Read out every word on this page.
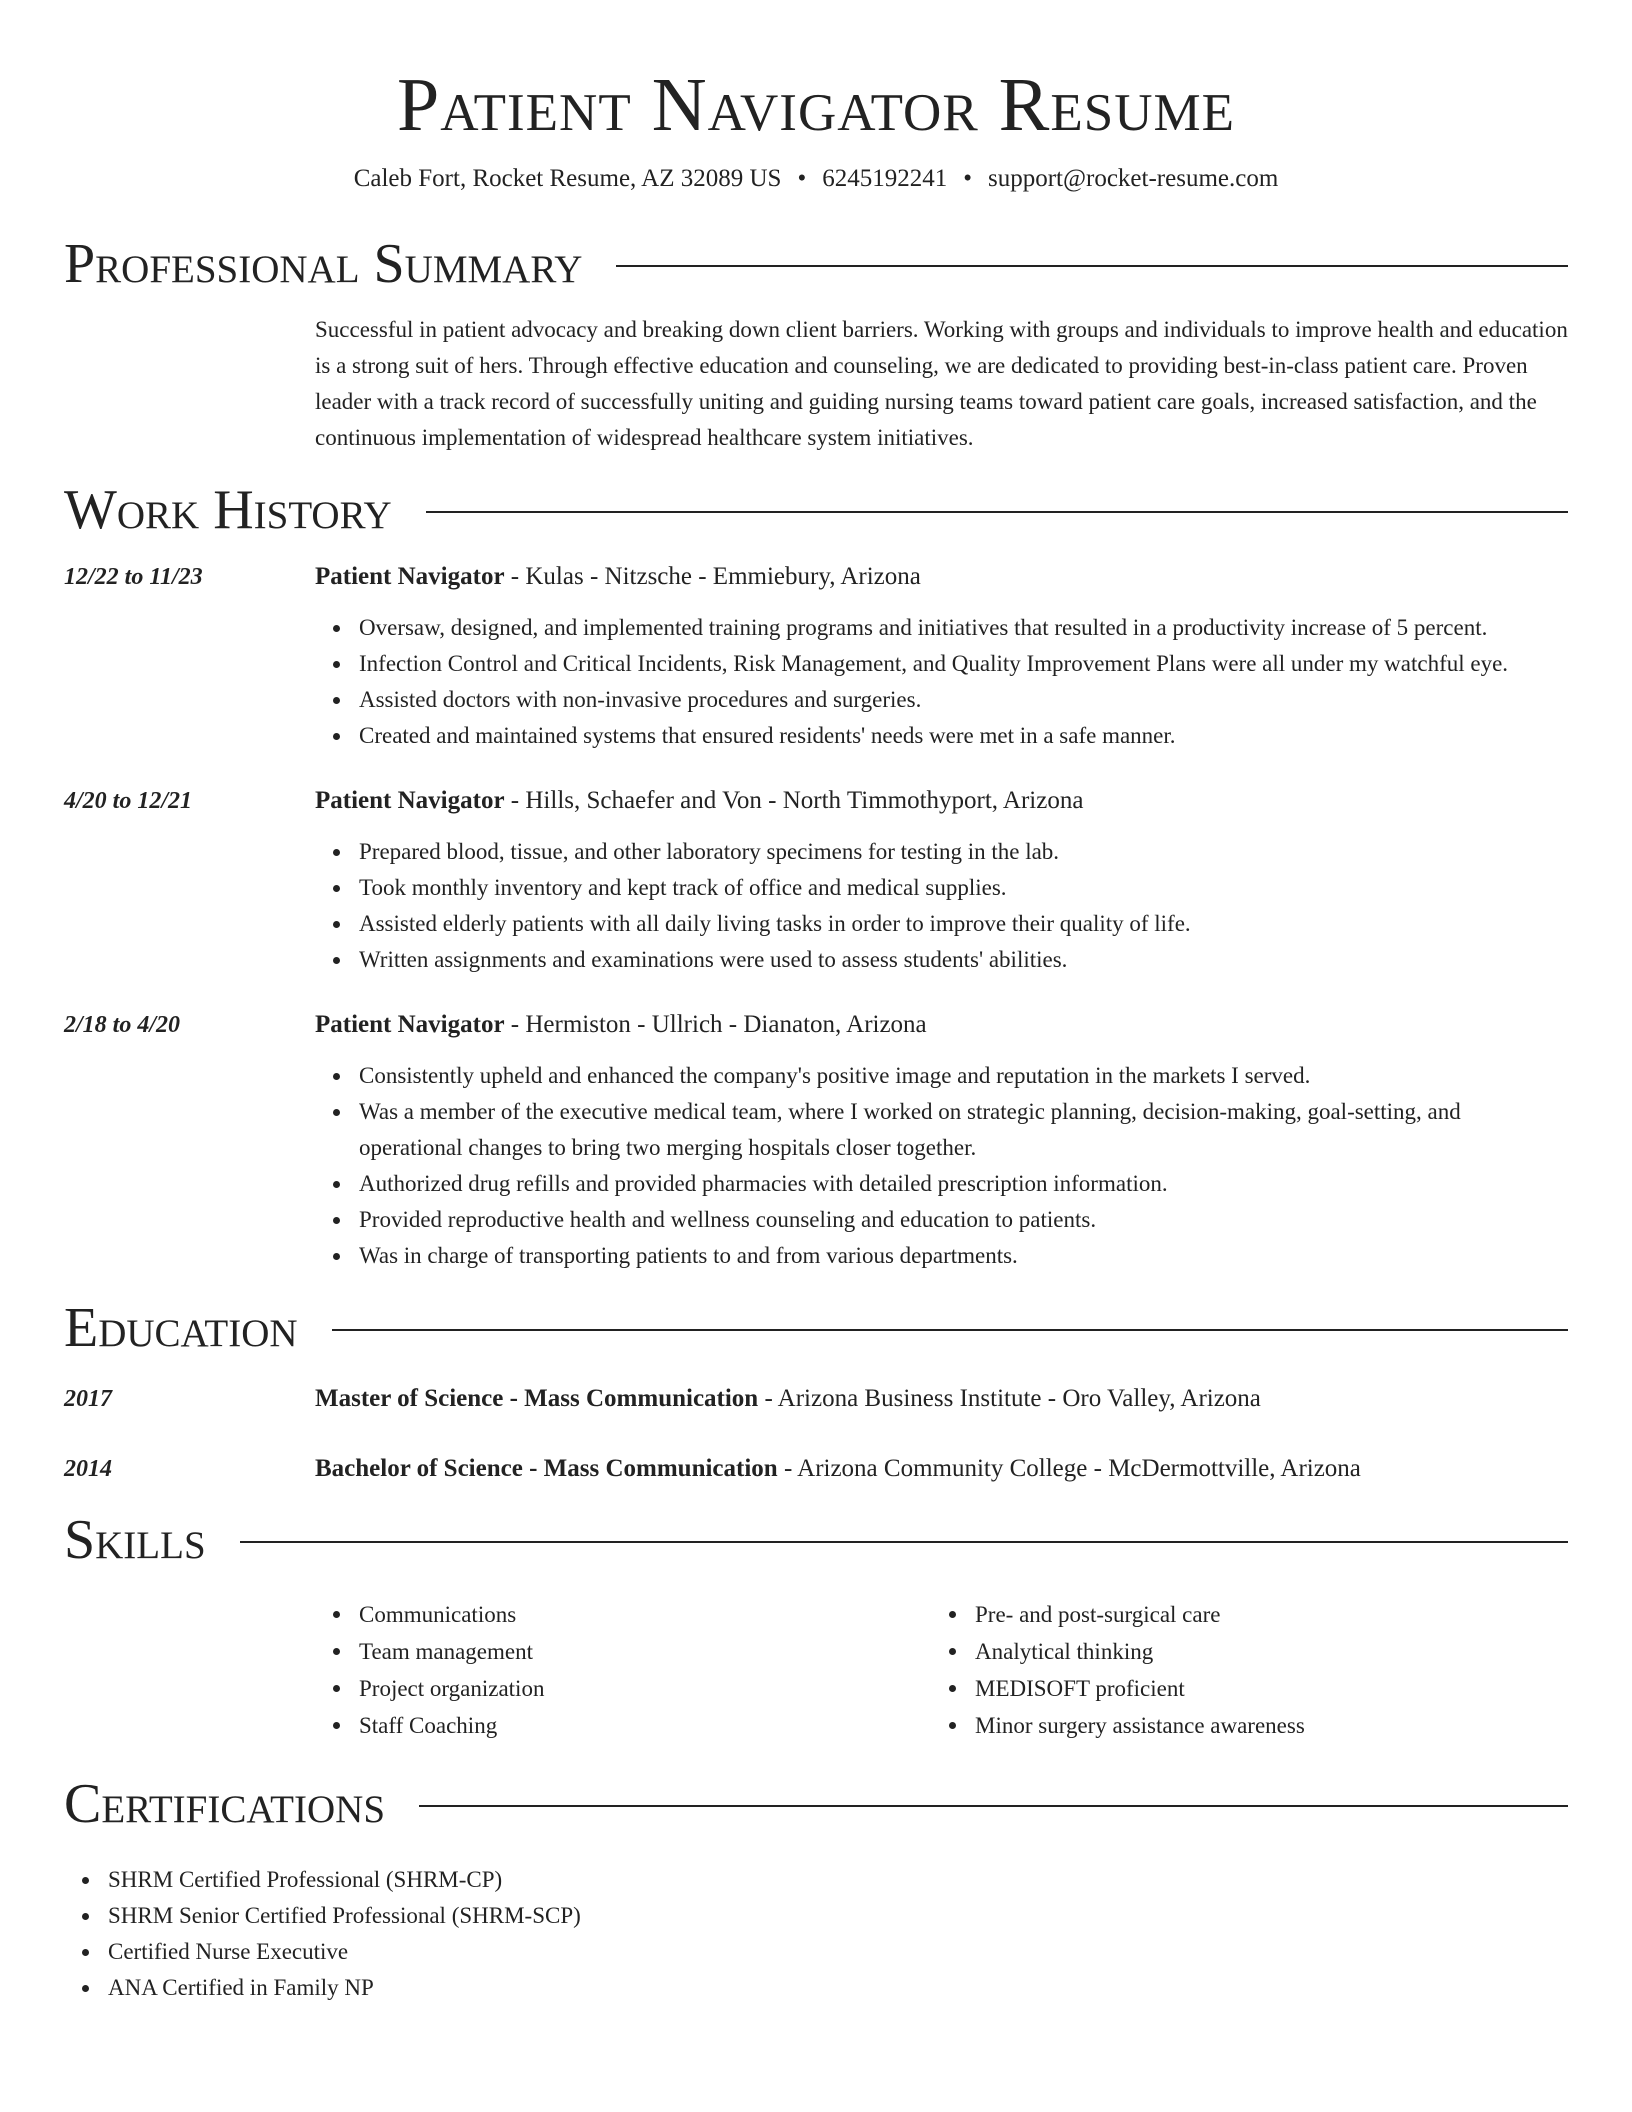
Patient Navigator Resume
Caleb Fort, Rocket Resume, AZ 32089 US • 6245192241 • support@rocket-resume.com
Professional Summary

Successful in patient advocacy and breaking down client barriers. Working with groups and individuals to improve health and education is a strong suit of hers. Through effective education and counseling, we are dedicated to providing best-in-class patient care. Proven leader with a track record of successfully uniting and guiding nursing teams toward patient care goals, increased satisfaction, and the continuous implementation of widespread healthcare system initiatives.

Work History
12/22 to 11/23	Patient Navigator - Kulas - Nitzsche - Emmiebury, Arizona
Oversaw, designed, and implemented training programs and initiatives that resulted in a productivity increase of 5 percent.
Infection Control and Critical Incidents, Risk Management, and Quality Improvement Plans were all under my watchful eye.
Assisted doctors with non-invasive procedures and surgeries.
Created and maintained systems that ensured residents' needs were met in a safe manner.
4/20 to 12/21	Patient Navigator - Hills, Schaefer and Von - North Timmothyport, Arizona
Prepared blood, tissue, and other laboratory specimens for testing in the lab.
Took monthly inventory and kept track of office and medical supplies.
Assisted elderly patients with all daily living tasks in order to improve their quality of life.
Written assignments and examinations were used to assess students' abilities.
2/18 to 4/20	Patient Navigator - Hermiston - Ullrich - Dianaton, Arizona
Consistently upheld and enhanced the company's positive image and reputation in the markets I served.
Was a member of the executive medical team, where I worked on strategic planning, decision-making, goal-setting, and operational changes to bring two merging hospitals closer together.
Authorized drug refills and provided pharmacies with detailed prescription information.
Provided reproductive health and wellness counseling and education to patients.
Was in charge of transporting patients to and from various departments.
Education
2017	Master of Science - Mass Communication - Arizona Business Institute - Oro Valley, Arizona
2014	Bachelor of Science - Mass Communication - Arizona Community College - McDermottville, Arizona
Skills
Communications
Team management
Project organization
Staff Coaching
Pre- and post-surgical care
Analytical thinking
MEDISOFT proficient
Minor surgery assistance awareness
Certifications
SHRM Certified Professional (SHRM-CP)
SHRM Senior Certified Professional (SHRM-SCP)
Certified Nurse Executive
ANA Certified in Family NP
